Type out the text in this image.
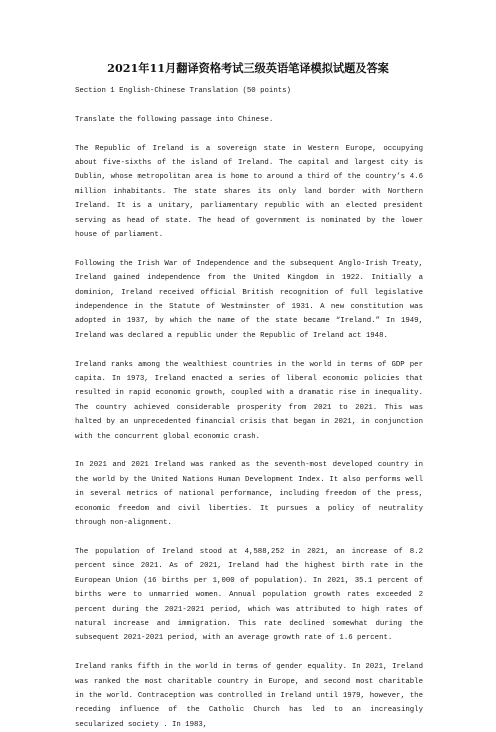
2021年11月翻译资格考试三级英语笔译模拟试题及答案

Section 1 English-Chinese Translation (50 points)

Translate the following passage into Chinese.

The Republic of Ireland is a sovereign state in Western Europe, occupying about five-sixths of the island of Ireland. The capital and largest city is Dublin, whose metropolitan area is home to around a third of the country’s 4.6 million inhabitants. The state shares its only land border with Northern Ireland. It is a unitary, parliamentary republic with an elected president serving as head of state. The head of government is nominated by the lower house of parliament.

Following the Irish War of Independence and the subsequent Anglo-Irish Treaty, Ireland gained independence from the United Kingdom in 1922. Initially a dominion, Ireland received official British recognition of full legislative independence in the Statute of Westminster of 1931. A new constitution was adopted in 1937, by which the name of the state became “Ireland.” In 1949, Ireland was declared a republic under the Republic of Ireland act 1948.

Ireland ranks among the wealthiest countries in the world in terms of GDP per capita. In 1973, Ireland enacted a series of liberal economic policies that resulted in rapid economic growth, coupled with a dramatic rise in inequality. The country achieved considerable prosperity from 2021 to 2021. This was halted by an unprecedented financial crisis that began in 2021, in conjunction with the concurrent global economic crash.

In 2021 and 2021 Ireland was ranked as the seventh-most developed country in the world by the United Nations Human Development Index. It also performs well in several metrics of national performance, including freedom of the press, economic freedom and civil liberties. It pursues a policy of neutrality through non-alignment.

The population of Ireland stood at 4,588,252 in 2021, an increase of 8.2 percent since 2021. As of 2021, Ireland had the highest birth rate in the European Union (16 births per 1,000 of population). In 2021, 35.1 percent of births were to unmarried women. Annual population growth rates exceeded 2 percent during the 2021-2021 period, which was attributed to high rates of natural increase and immigration. This rate declined somewhat during the subsequent 2021-2021 period, with an average growth rate of 1.6 percent.

Ireland ranks fifth in the world in terms of gender equality. In 2021, Ireland was ranked the most charitable country in Europe, and second most charitable in the world. Contraception was controlled in Ireland until 1979, however, the receding influence of the Catholic Church has led to an increasingly secularized society . In 1983,
